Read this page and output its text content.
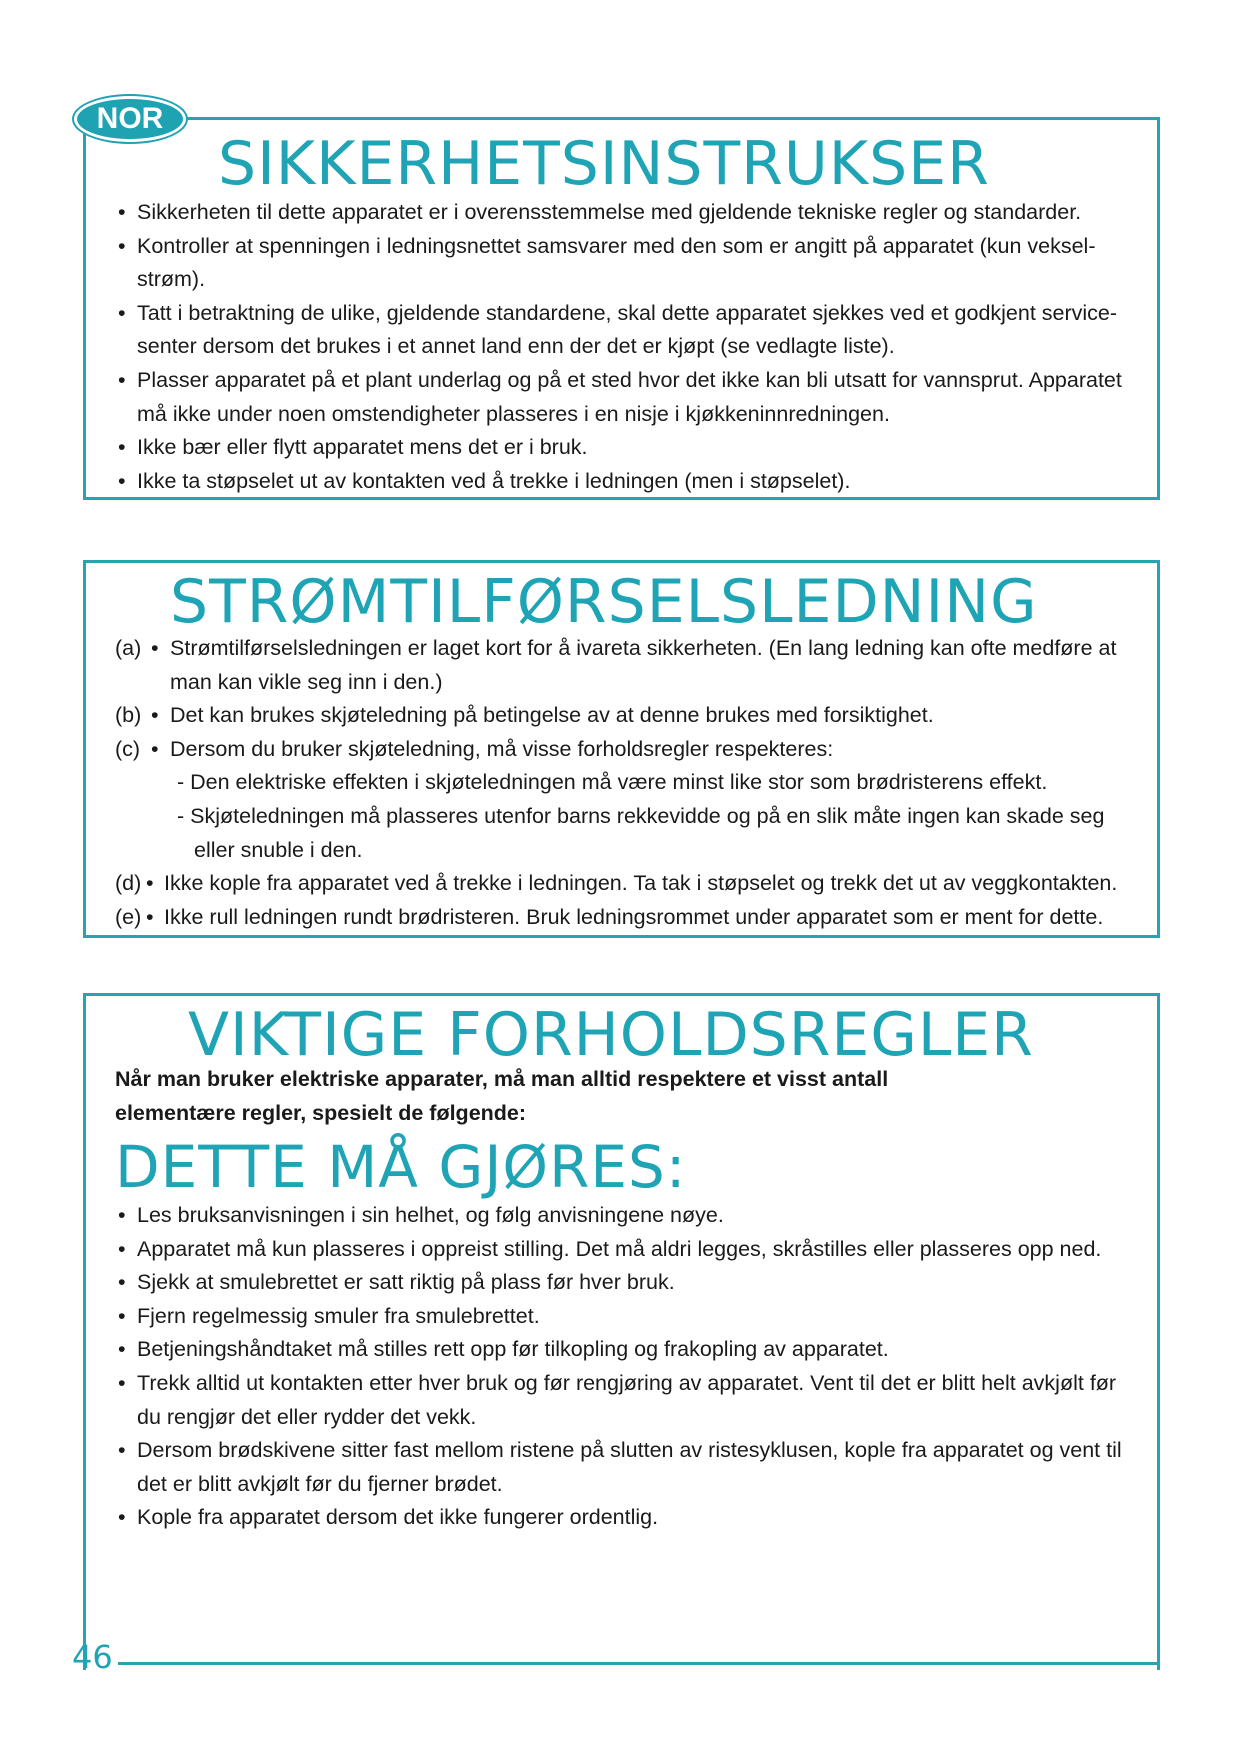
NOR
SIKKERHETSINSTRUKSER
• Sikkerheten til dette apparatet er i overensstemmelse med gjeldende tekniske regler og standarder.
• Kontroller at spenningen i ledningsnettet samsvarer med den som er angitt på apparatet (kun veksel-
strøm).
• Tatt i betraktning de ulike, gjeldende standardene, skal dette apparatet sjekkes ved et godkjent service-
senter dersom det brukes i et annet land enn der det er kjøpt (se vedlagte liste).
• Plasser apparatet på et plant underlag og på et sted hvor det ikke kan bli utsatt for vannsprut. Apparatet
må ikke under noen omstendigheter plasseres i en nisje i kjøkkeninnredningen.
• Ikke bær eller flytt apparatet mens det er i bruk.
• Ikke ta støpselet ut av kontakten ved å trekke i ledningen (men i støpselet).
STRØMTILFØRSELSLEDNING
(a) • Strømtilførselsledningen er laget kort for å ivareta sikkerheten. (En lang ledning kan ofte medføre at
man kan vikle seg inn i den.)
(b) • Det kan brukes skjøteledning på betingelse av at denne brukes med forsiktighet.
(c) • Dersom du bruker skjøteledning, må visse forholdsregler respekteres:
- Den elektriske effekten i skjøteledningen må være minst like stor som brødristerens effekt.
- Skjøteledningen må plasseres utenfor barns rekkevidde og på en slik måte ingen kan skade seg
eller snuble i den.
(d) • Ikke kople fra apparatet ved å trekke i ledningen. Ta tak i støpselet og trekk det ut av veggkontakten.
(e) • Ikke rull ledningen rundt brødristeren. Bruk ledningsrommet under apparatet som er ment for dette.
VIKTIGE FORHOLDSREGLER
Når man bruker elektriske apparater, må man alltid respektere et visst antall
elementære regler, spesielt de følgende:
DETTE MÅ GJØRES:
• Les bruksanvisningen i sin helhet, og følg anvisningene nøye.
• Apparatet må kun plasseres i oppreist stilling. Det må aldri legges, skråstilles eller plasseres opp ned.
• Sjekk at smulebrettet er satt riktig på plass før hver bruk.
• Fjern regelmessig smuler fra smulebrettet.
• Betjeningshåndtaket må stilles rett opp før tilkopling og frakopling av apparatet.
• Trekk alltid ut kontakten etter hver bruk og før rengjøring av apparatet. Vent til det er blitt helt avkjølt før
du rengjør det eller rydder det vekk.
• Dersom brødskivene sitter fast mellom ristene på slutten av ristesyklusen, kople fra apparatet og vent til
det er blitt avkjølt før du fjerner brødet.
• Kople fra apparatet dersom det ikke fungerer ordentlig.
46
